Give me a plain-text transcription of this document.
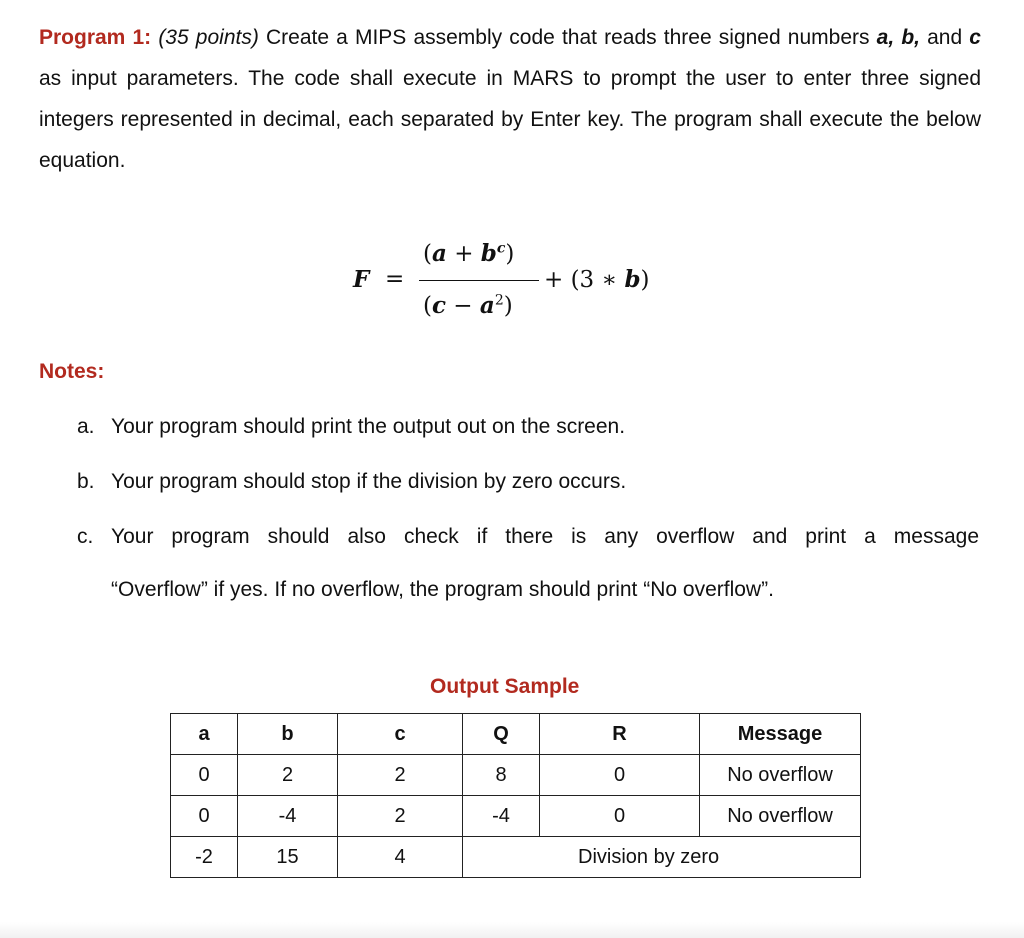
Program 1: (35 points) Create a MIPS assembly code that reads three signed numbers a, b, and c as input parameters. The code shall execute in MARS to prompt the user to enter three signed integers represented in decimal, each separated by Enter key. The program shall execute the below equation.
F =
$(a + b^c)$
$(c - a^2)$
+ (3 ∗ b)
Notes:
a. Your program should print the output out on the screen.
b. Your program should stop if the division by zero occurs.
c. Your program should also check if there is any overflow and print a message
“Overflow” if yes. If no overflow, the program should print “No overflow”.
Output Sample
a	b	c	Q	R	Message
0	2	2	8	0	No overflow
0	-4	2	-4	0	No overflow
-2	15	4	Division by zero		
